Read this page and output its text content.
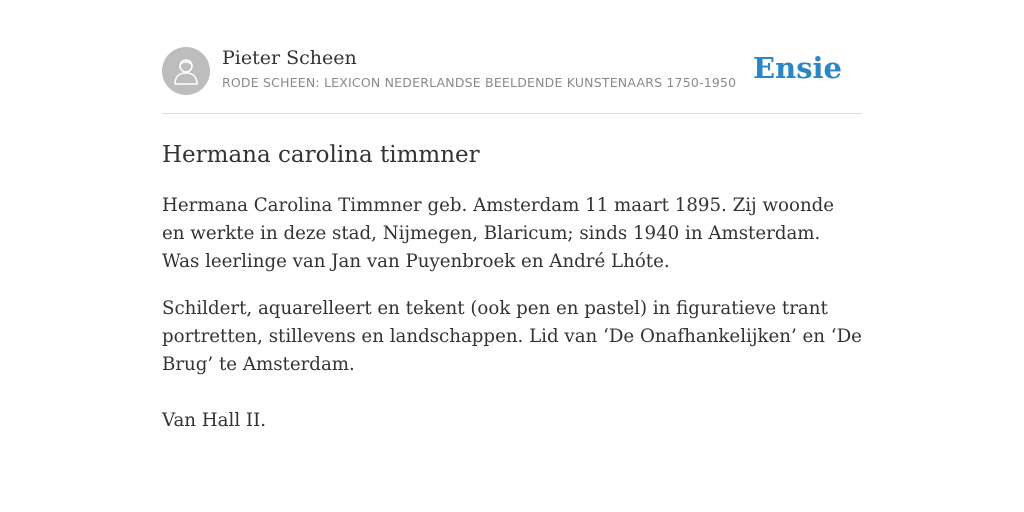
Pieter Scheen
RODE SCHEEN: LEXICON NEDERLANDSE BEELDENDE KUNSTENAARS 1750-1950 Ensie
Hermana carolina timmner

Hermana Carolina Timmner geb. Amsterdam 11 maart 1895. Zij woonde en werkte in deze stad, Nijmegen, Blaricum; sinds 1940 in Amsterdam. Was leerlinge van Jan van Puyenbroek en André Lhóte.

Schildert, aquarelleert en tekent (ook pen en pastel) in figuratieve trant portretten, stillevens en landschappen. Lid van ‘De Onafhankelijken’ en ‘De Brug’ te Amsterdam.

Van Hall II.
